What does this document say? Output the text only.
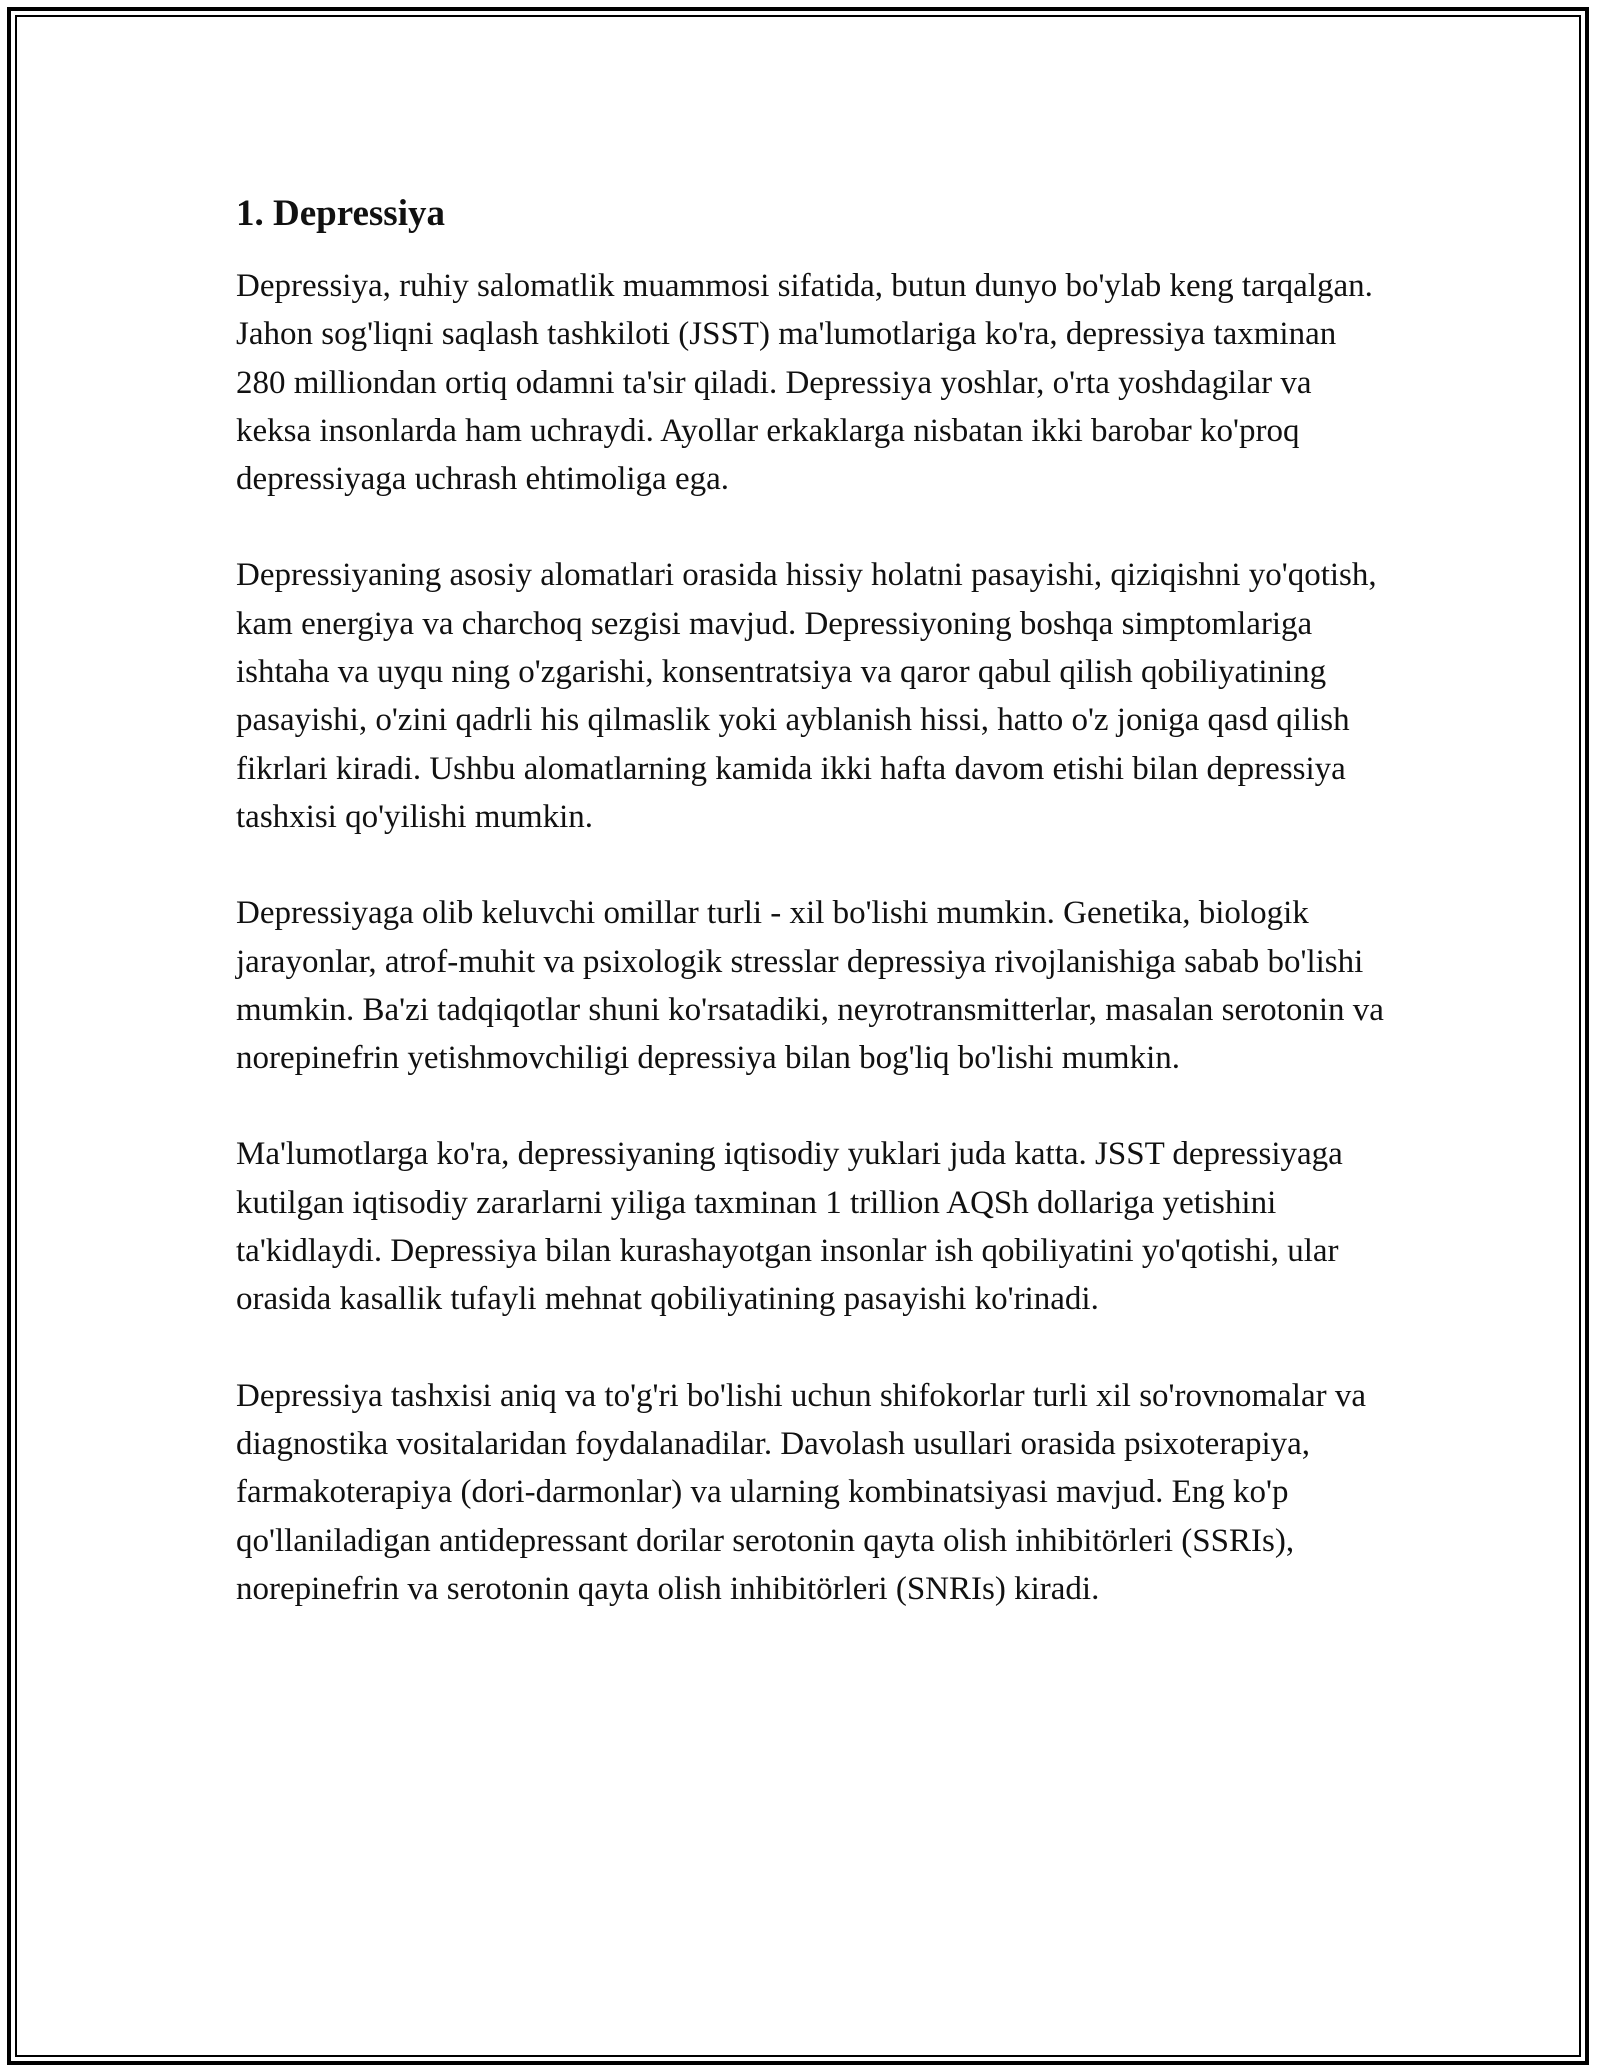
1. Depressiya

Depressiya, ruhiy salomatlik muammosi sifatida, butun dunyo bo'ylab keng tarqalgan. Jahon sog'liqni saqlash tashkiloti (JSST) ma'lumotlariga ko'ra, depressiya taxminan 280 milliondan ortiq odamni ta'sir qiladi. Depressiya yoshlar, o'rta yoshdagilar va keksa insonlarda ham uchraydi. Ayollar erkaklarga nisbatan ikki barobar ko'proq depressiyaga uchrash ehtimoliga ega.

Depressiyaning asosiy alomatlari orasida hissiy holatni pasayishi, qiziqishni yo'qotish, kam energiya va charchoq sezgisi mavjud. Depressiyoning boshqa simptomlariga ishtaha va uyqu ning o'zgarishi, konsentratsiya va qaror qabul qilish qobiliyatining pasayishi, o'zini qadrli his qilmaslik yoki ayblanish hissi, hatto o'z joniga qasd qilish fikrlari kiradi. Ushbu alomatlarning kamida ikki hafta davom etishi bilan depressiya tashxisi qo'yilishi mumkin.

Depressiyaga olib keluvchi omillar turli - xil bo'lishi mumkin. Genetika, biologik jarayonlar, atrof-muhit va psixologik stresslar depressiya rivojlanishiga sabab bo'lishi mumkin. Ba'zi tadqiqotlar shuni ko'rsatadiki, neyrotransmitterlar, masalan serotonin va norepinefrin yetishmovchiligi depressiya bilan bog'liq bo'lishi mumkin.

Ma'lumotlarga ko'ra, depressiyaning iqtisodiy yuklari juda katta. JSST depressiyaga kutilgan iqtisodiy zararlarni yiliga taxminan 1 trillion AQSh dollariga yetishini ta'kidlaydi. Depressiya bilan kurashayotgan insonlar ish qobiliyatini yo'qotishi, ular orasida kasallik tufayli mehnat qobiliyatining pasayishi ko'rinadi.

Depressiya tashxisi aniq va to'g'ri bo'lishi uchun shifokorlar turli xil so'rovnomalar va diagnostika vositalaridan foydalanadilar. Davolash usullari orasida psixoterapiya, farmakoterapiya (dori-darmonlar) va ularning kombinatsiyasi mavjud. Eng ko'p qo'llaniladigan antidepressant dorilar serotonin qayta olish inhibitörleri (SSRIs), norepinefrin va serotonin qayta olish inhibitörleri (SNRIs) kiradi.
